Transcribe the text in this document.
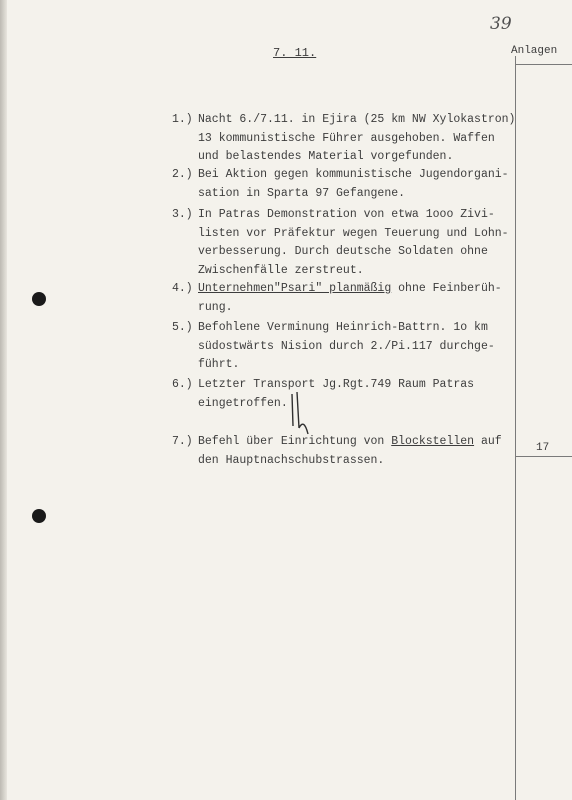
39
7. 11.	Anlagen
17
1.) Nacht 6./7.11. in Ejira (25 km NW Xylokastron)
13 kommunistische Führer ausgehoben. Waffen
und belastendes Material vorgefunden.
2.) Bei Aktion gegen kommunistische Jugendorgani-
sation in Sparta 97 Gefangene.
3.) In Patras Demonstration von etwa 1ooo Zivi-
listen vor Präfektur wegen Teuerung und Lohn-
verbesserung. Durch deutsche Soldaten ohne
Zwischenfälle zerstreut.
4.) Unternehmen"Psari" planmäßig ohne Feinberüh-
rung.
5.) Befohlene Verminung Heinrich-Battrn. 1o km
südostwärts Nision durch 2./Pi.117 durchge-
führt.
6.) Letzter Transport Jg.Rgt.749 Raum Patras
eingetroffen.
7.) Befehl über Einrichtung von Blockstellen auf
den Hauptnachschubstrassen.
